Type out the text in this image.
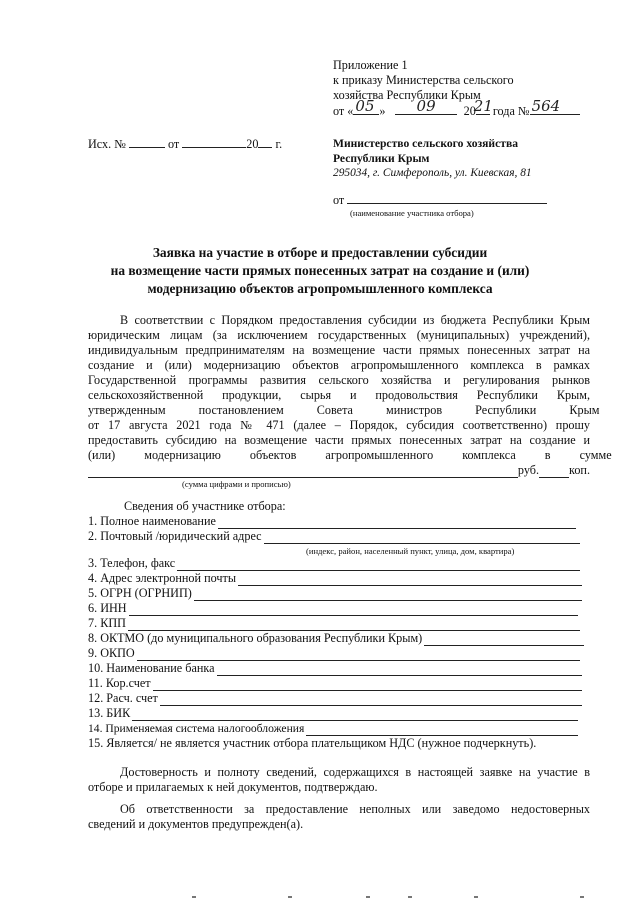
Приложение 1
к приказу Министерства сельского
хозяйства Республики Крым
от « 05 » 09 20
21 года № 564
Исх. №	от	20 г.	Министерство сельского хозяйства
Республики Крым
295034, г. Симферополь, ул. Киевская, 81
от
(наименование участника отбора)
Заявка на участие в отборе и предоставлении субсидии
на возмещение части прямых понесенных затрат на создание и (или)
модернизацию объектов агропромышленного комплекса
В соответствии с Порядком предоставления субсидии из бюджета Республики Крым
юридическим лицам (за исключением государственных (муниципальных) учреждений),
индивидуальным предпринимателям на возмещение части прямых понесенных затрат на
создание и (или) модернизацию объектов агропромышленного комплекса в рамках
Государственной программы развития сельского хозяйства и регулирования рынков
сельскохозяйственной продукции, сырья и продовольствия Республики Крым,
утвержденным постановлением Совета министров Республики Крым
от 17 августа 2021 года № 471 (далее – Порядок, субсидия соответственно) прошу
предоставить субсидию на возмещение части прямых понесенных затрат на создание и
(или) модернизацию объектов агропромышленного комплекса в сумме
руб. коп.
(сумма цифрами и прописью)
Сведения об участнике отбора:
1. Полное наименование
2. Почтовый /юридический адрес
(индекс, район, населенный пункт, улица, дом, квартира)
3. Телефон, факс
4. Адрес электронной почты
5. ОГРН (ОГРНИП)
6. ИНН
7. КПП
8. ОКТМО (до муниципального образования Республики Крым)
9. ОКПО
10. Наименование банка
11. Кор.счет
12. Расч. счет
13. БИК
14. Применяемая система налогообложения
15. Является/ не является участник отбора плательщиком НДС (нужное подчеркнуть).
Достоверность и полноту сведений, содержащихся в настоящей заявке на участие в
отборе и прилагаемых к ней документов, подтверждаю.
Об ответственности за предоставление неполных или заведомо недостоверных
сведений и документов предупрежден(а).
